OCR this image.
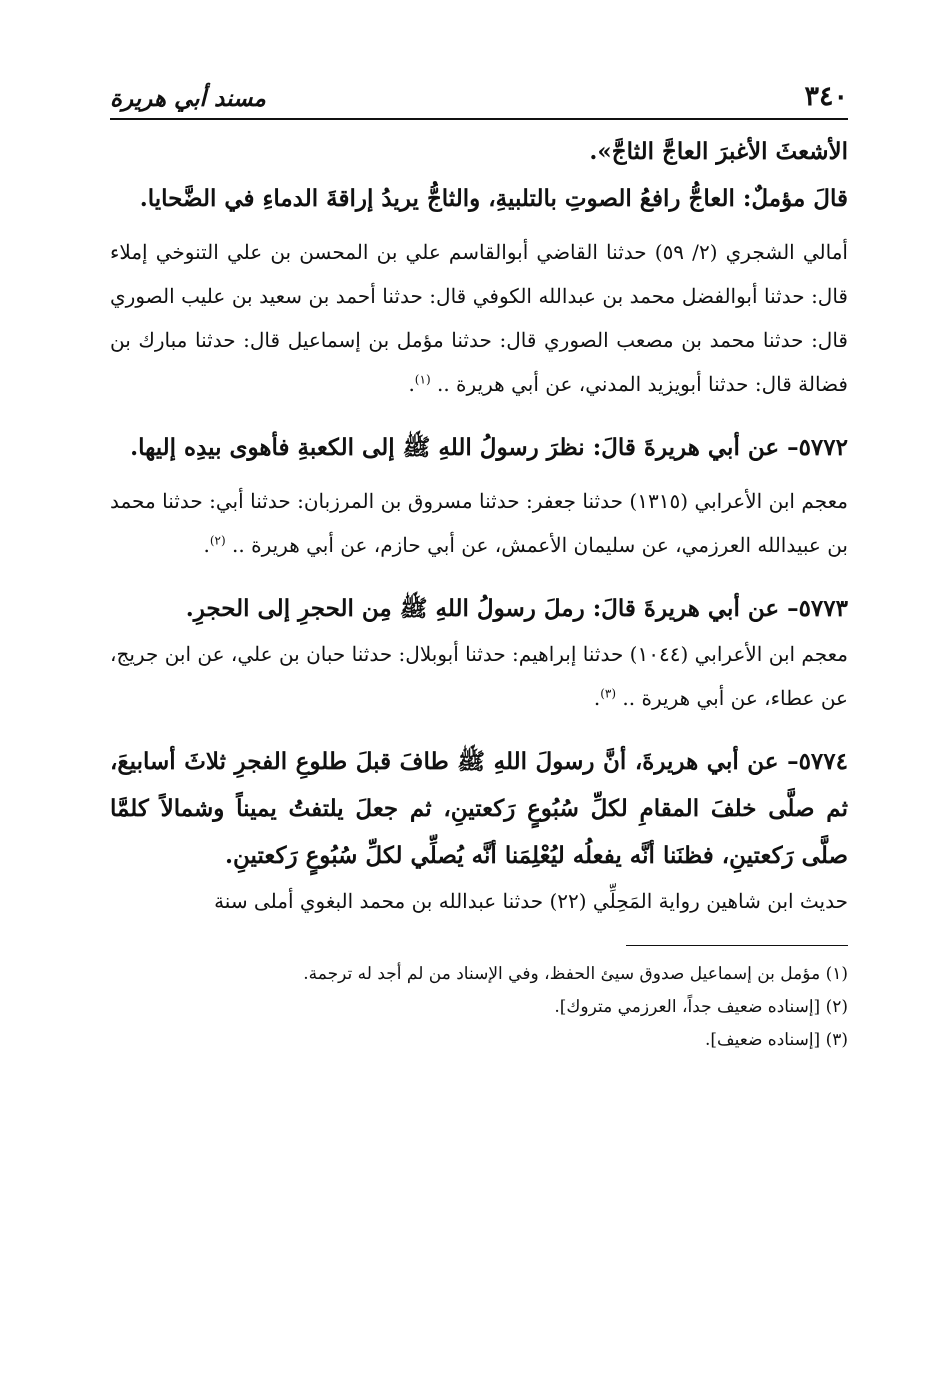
٣٤٠
مسند أبي هريرة

الأشعثَ الأغبرَ العاجَّ الثاجَّ».

قالَ مؤملٌ: العاجُّ رافعُ الصوتِ بالتلبيةِ، والثاجُّ يريدُ إراقةَ الدماءِ في الضَّحايا.

أمالي الشجري (٢/ ٥٩) حدثنا القاضي أبوالقاسم علي بن المحسن بن علي التنوخي إملاء قال: حدثنا أبوالفضل محمد بن عبدالله الكوفي قال: حدثنا أحمد بن سعيد بن عليب الصوري قال: حدثنا محمد بن مصعب الصوري قال: حدثنا مؤمل بن إسماعيل قال: حدثنا مبارك بن فضالة قال: حدثنا أبويزيد المدني، عن أبي هريرة .. $^{(١)}$.

٥٧٧٢– عن أبي هريرةَ قالَ: نظرَ رسولُ اللهِ ﷺ إلى الكعبةِ فأهوى بيدِه إليها.

معجم ابن الأعرابي (١٣١٥) حدثنا جعفر: حدثنا مسروق بن المرزبان: حدثنا أبي: حدثنا محمد بن عبيدالله العرزمي، عن سليمان الأعمش، عن أبي حازم، عن أبي هريرة .. $^{(٢)}$.

٥٧٧٣– عن أبي هريرةَ قالَ: رملَ رسولُ اللهِ ﷺ مِن الحجرِ إلى الحجرِ.

معجم ابن الأعرابي (١٠٤٤) حدثنا إبراهيم: حدثنا أبوبلال: حدثنا حبان بن علي، عن ابن جريج، عن عطاء، عن أبي هريرة .. $^{(٣)}$.

٥٧٧٤– عن أبي هريرةَ، أنَّ رسولَ اللهِ ﷺ طافَ قبلَ طلوعِ الفجرِ ثلاثَ أسابيعَ، ثم صلَّى خلفَ المقامِ لكلِّ سُبُوعٍ رَكعتينِ، ثم جعلَ يلتفتُ يميناً وشمالاً كلمَّا صلَّى رَكعتينِ، فظنَنا أنَّه يفعلُه ليُعْلِمَنا أنَّه يُصلِّي لكلِّ سُبُوعٍ رَكعتينِ.

حديث ابن شاهين رواية المَحِلِّي (٢٢) حدثنا عبدالله بن محمد البغوي أملى سنة

(١) مؤمل بن إسماعيل صدوق سيئ الحفظ، وفي الإسناد من لم أجد له ترجمة.
(٢) [إسناده ضعيف جداً، العرزمي متروك].
(٣) [إسناده ضعيف].
